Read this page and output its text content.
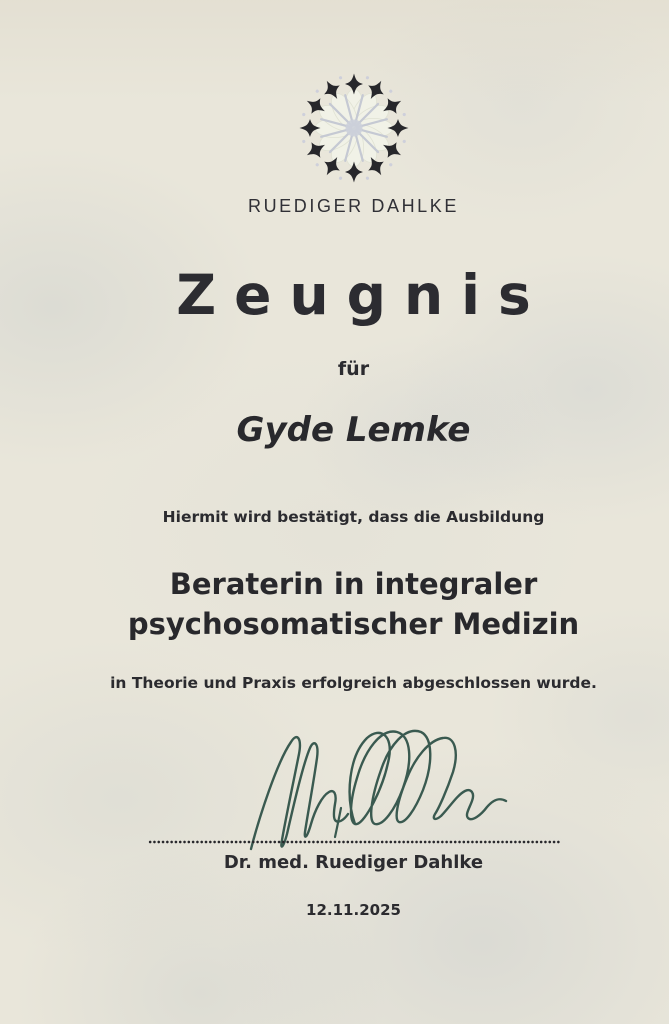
RUEDIGER DAHLKE
Zeugnis
für
Gyde Lemke
Hiermit wird bestätigt, dass die Ausbildung
Beraterin in integraler
psychosomatischer Medizin
in Theorie und Praxis erfolgreich abgeschlossen wurde.
Dr. med. Ruediger Dahlke
12.11.2025
